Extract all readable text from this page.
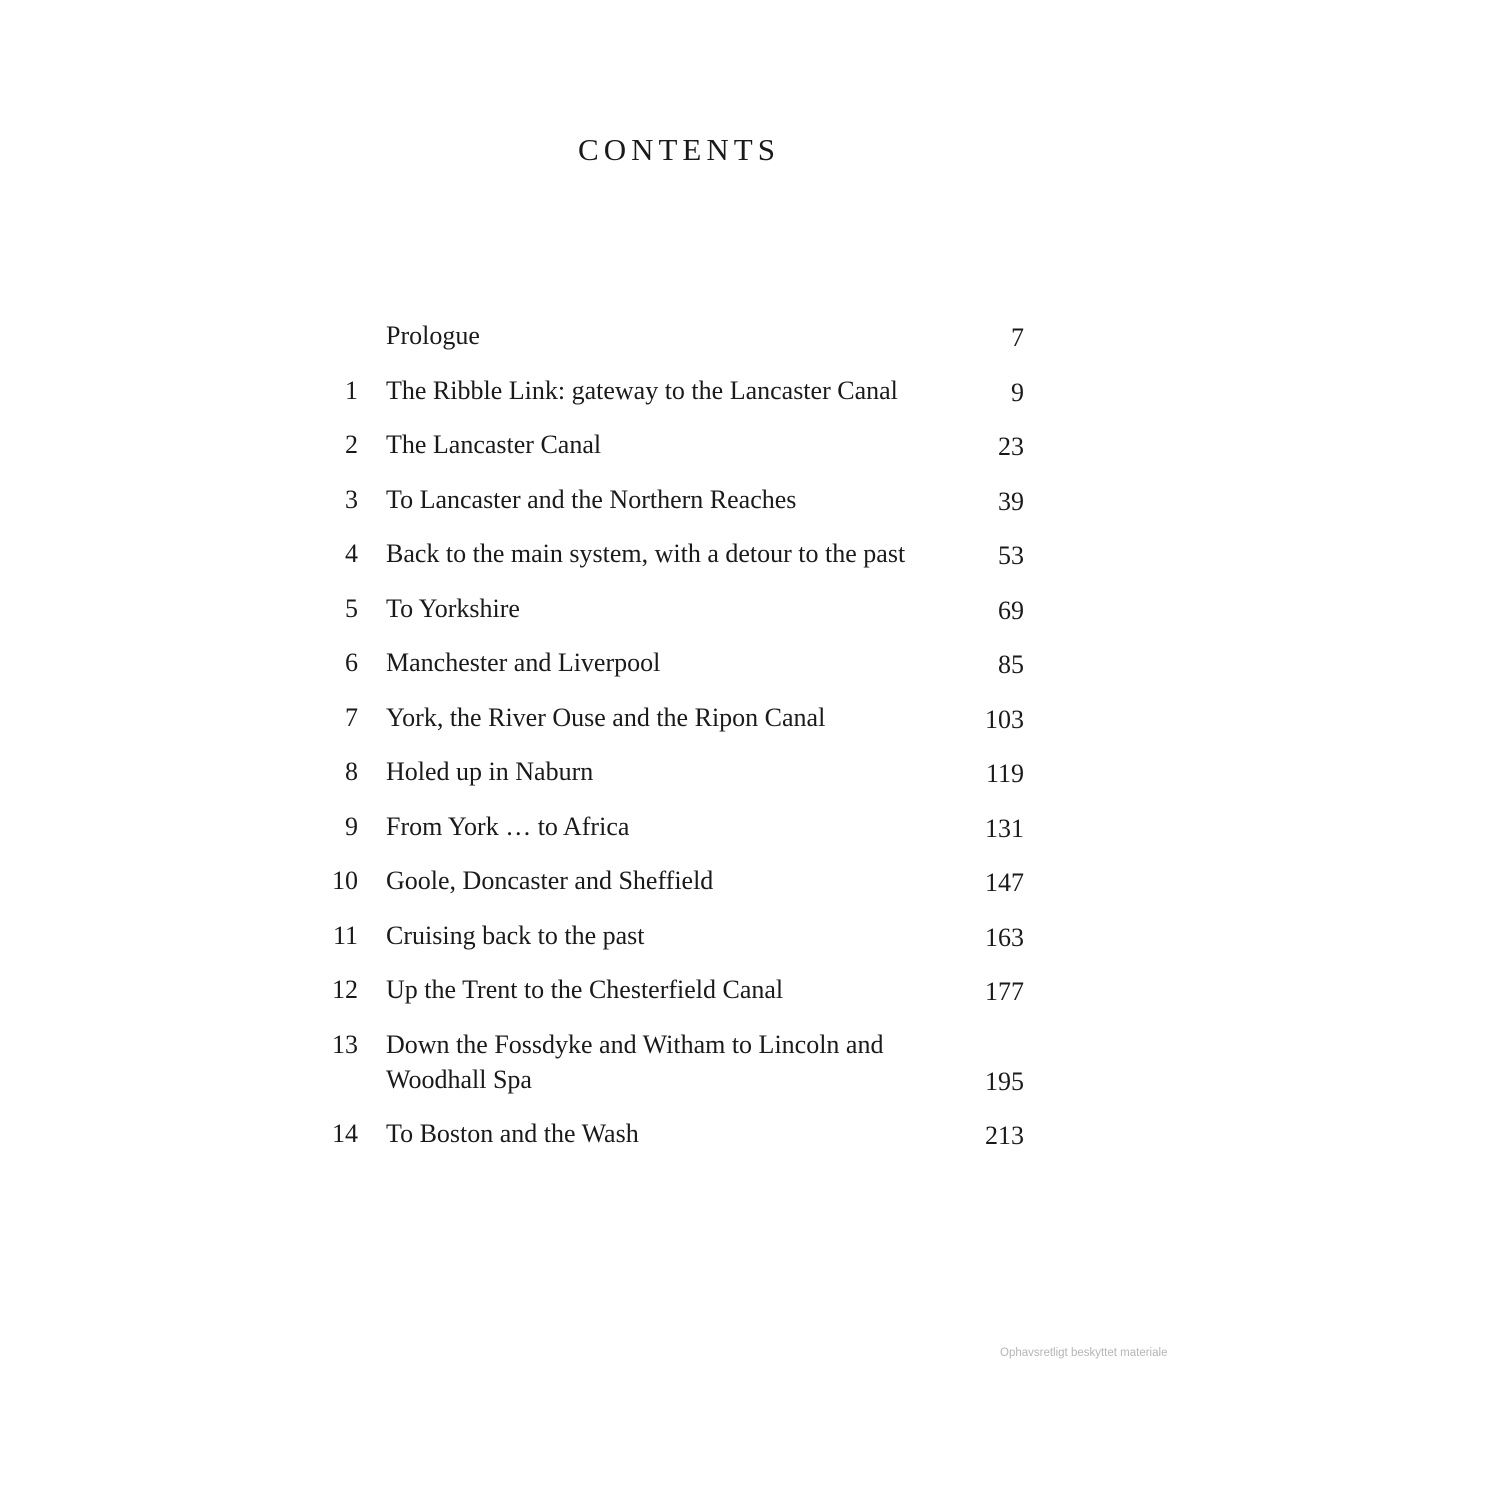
CONTENTS
Prologue	7
1 The Ribble Link: gateway to the Lancaster Canal	9
2 The Lancaster Canal	23
3 To Lancaster and the Northern Reaches	39
4 Back to the main system, with a detour to the past	53
5 To Yorkshire	69
6 Manchester and Liverpool	85
7 York, the River Ouse and the Ripon Canal	103
8 Holed up in Naburn	119
9 From York … to Africa	131
10 Goole, Doncaster and Sheffield	147
11 Cruising back to the past	163
12 Up the Trent to the Chesterfield Canal	177
13 Down the Fossdyke and Witham to Lincoln and Woodhall Spa	195
14 To Boston and the Wash	213
Ophavsretligt beskyttet materiale
